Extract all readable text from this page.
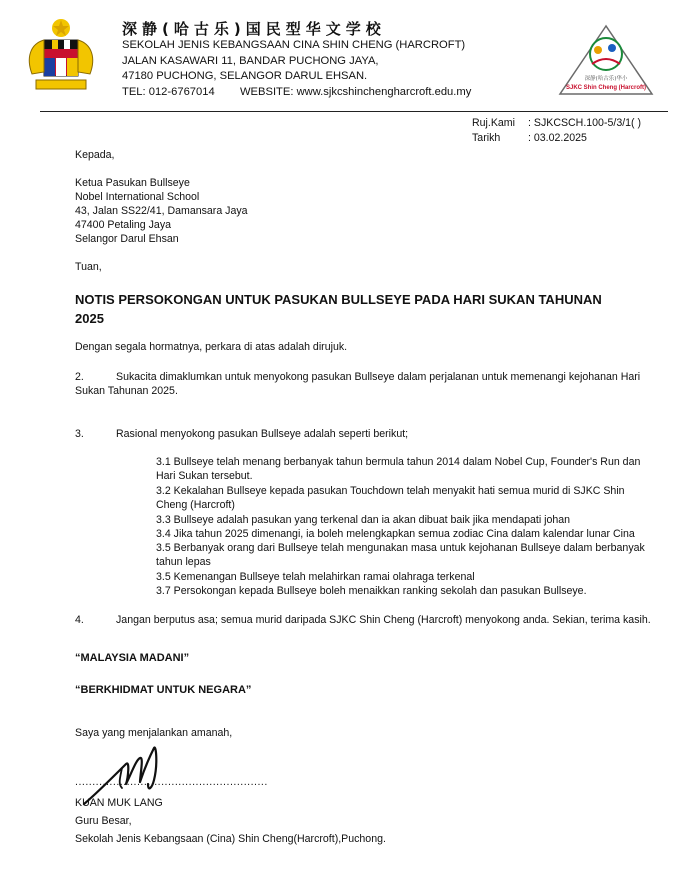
深静(哈古乐)国民型华文学校
SEKOLAH JENIS KEBANGSAAN CINA SHIN CHENG (HARCROFT)
JALAN KASAWARI 11, BANDAR PUCHONG JAYA,
47180 PUCHONG, SELANGOR DARUL EHSAN.
TEL: 012-6767014 WEBSITE: www.sjkcshinchengharcroft.edu.my
深静(哈古乐)华小
SJKC Shin Cheng (Harcroft)
Ruj.Kami : SJKCSCH.100-5/3/1( )
Tarikh	: 03.02.2025
Kepada,
Ketua Pasukan Bullseye
Nobel International School
43, Jalan SS22/41, Damansara Jaya
47400 Petaling Jaya
Selangor Darul Ehsan
Tuan,
NOTIS PERSOKONGAN UNTUK PASUKAN BULLSEYE PADA HARI SUKAN TAHUNAN
2025
Dengan segala hormatnya, perkara di atas adalah dirujuk.
2.	Sukacita dimaklumkan untuk menyokong pasukan Bullseye dalam perjalanan untuk memenangi kejohanan Hari
Sukan Tahunan 2025.
3.	Rasional menyokong pasukan Bullseye adalah seperti berikut;
3.1 Bullseye telah menang berbanyak tahun bermula tahun 2014 dalam Nobel Cup, Founder's Run dan
Hari Sukan tersebut.
3.2 Kekalahan Bullseye kepada pasukan Touchdown telah menyakit hati semua murid di SJKC Shin
Cheng (Harcroft)
3.3 Bullseye adalah pasukan yang terkenal dan ia akan dibuat baik jika mendapati johan
3.4 Jika tahun 2025 dimenangi, ia boleh melengkapkan semua zodiac Cina dalam kalendar lunar Cina
3.5 Berbanyak orang dari Bullseye telah mengunakan masa untuk kejohanan Bullseye dalam berbanyak
tahun lepas
3.5 Kemenangan Bullseye telah melahirkan ramai olahraga terkenal
3.7 Persokongan kepada Bullseye boleh menaikkan ranking sekolah dan pasukan Bullseye.
4.	Jangan berputus asa; semua murid daripada SJKC Shin Cheng (Harcroft) menyokong anda. Sekian, terima kasih.
“MALAYSIA MADANI”
“BERKHIDMAT UNTUK NEGARA”
Saya yang menjalankan amanah,
........................................................
KUAN MUK LANG
Guru Besar,
Sekolah Jenis Kebangsaan (Cina) Shin Cheng(Harcroft),Puchong.
